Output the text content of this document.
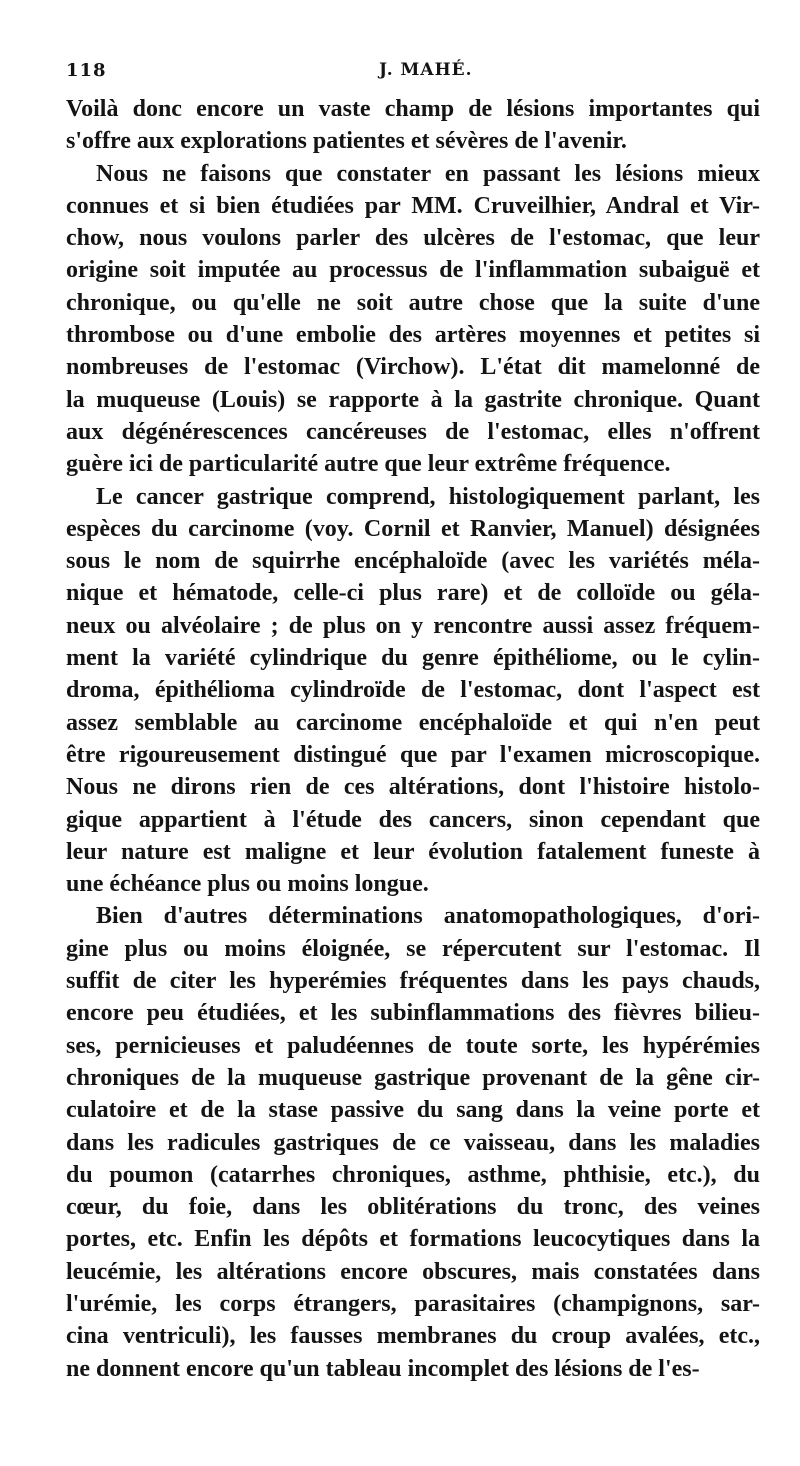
118	J. MAHÉ.
Voilà donc encore un vaste champ de lésions importantes qui
s'offre aux explorations patientes et sévères de l'avenir.
Nous ne faisons que constater en passant les lésions mieux
connues et si bien étudiées par MM. Cruveilhier, Andral et Vir-
chow, nous voulons parler des ulcères de l'estomac, que leur
origine soit imputée au processus de l'inflammation subaiguë et
chronique, ou qu'elle ne soit autre chose que la suite d'une
thrombose ou d'une embolie des artères moyennes et petites si
nombreuses de l'estomac (Virchow). L'état dit mamelonné de
la muqueuse (Louis) se rapporte à la gastrite chronique. Quant
aux dégénérescences cancéreuses de l'estomac, elles n'offrent
guère ici de particularité autre que leur extrême fréquence.
Le cancer gastrique comprend, histologiquement parlant, les
espèces du carcinome (voy. Cornil et Ranvier, Manuel) désignées
sous le nom de squirrhe encéphaloïde (avec les variétés méla-
nique et hématode, celle-ci plus rare) et de colloïde ou géla-
neux ou alvéolaire ; de plus on y rencontre aussi assez fréquem-
ment la variété cylindrique du genre épithéliome, ou le cylin-
droma, épithélioma cylindroïde de l'estomac, dont l'aspect est
assez semblable au carcinome encéphaloïde et qui n'en peut
être rigoureusement distingué que par l'examen microscopique.
Nous ne dirons rien de ces altérations, dont l'histoire histolo-
gique appartient à l'étude des cancers, sinon cependant que
leur nature est maligne et leur évolution fatalement funeste à
une échéance plus ou moins longue.
Bien d'autres déterminations anatomopathologiques, d'ori-
gine plus ou moins éloignée, se répercutent sur l'estomac. Il
suffit de citer les hyperémies fréquentes dans les pays chauds,
encore peu étudiées, et les subinflammations des fièvres bilieu-
ses, pernicieuses et paludéennes de toute sorte, les hypérémies
chroniques de la muqueuse gastrique provenant de la gêne cir-
culatoire et de la stase passive du sang dans la veine porte et
dans les radicules gastriques de ce vaisseau, dans les maladies
du poumon (catarrhes chroniques, asthme, phthisie, etc.), du
cœur, du foie, dans les oblitérations du tronc, des veines
portes, etc. Enfin les dépôts et formations leucocytiques dans la
leucémie, les altérations encore obscures, mais constatées dans
l'urémie, les corps étrangers, parasitaires (champignons, sar-
cina ventriculi), les fausses membranes du croup avalées, etc.,
ne donnent encore qu'un tableau incomplet des lésions de l'es-
